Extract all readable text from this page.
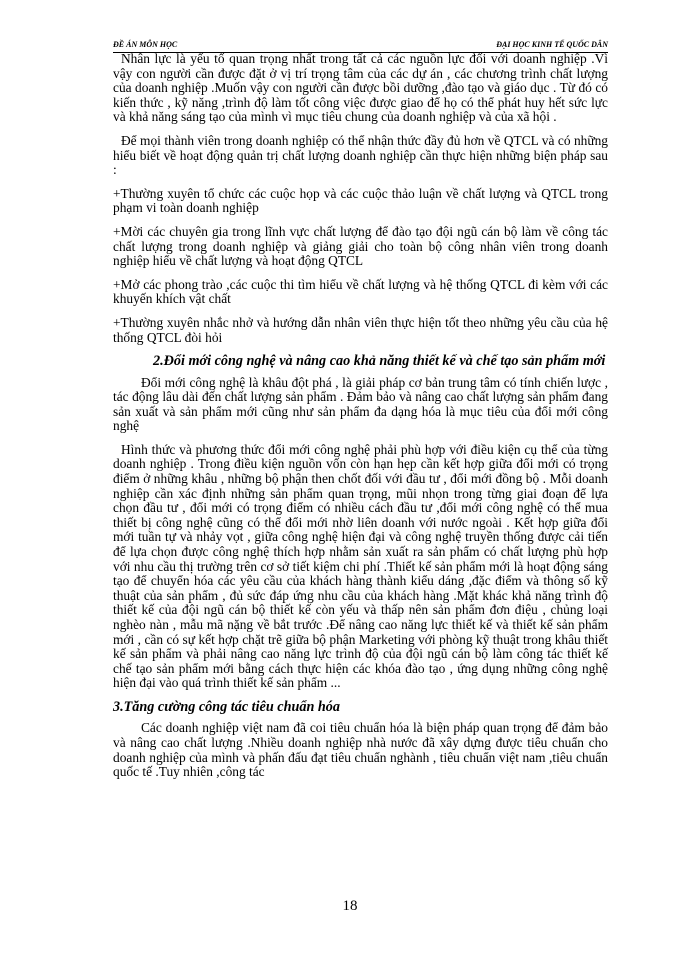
ĐỀ ÁN MÔN HỌC	ĐẠI HỌC KINH TẾ QUỐC DÂN

Nhân lực là yếu tố quan trọng nhất trong tất cả các nguồn lực đối với doanh nghiệp .Vì vậy con người cần được đặt ở vị trí trọng tâm của các dự án , các chương trình chất lượng của doanh nghiệp .Muốn vậy con người cần được bồi dưỡng ,đào tạo và giáo dục . Từ đó có kiến thức , kỹ năng ,trình độ làm tốt công việc được giao để họ có thể phát huy hết sức lực và khả năng sáng tạo của mình vì mục tiêu chung của doanh nghiệp và của xã hội .

Để mọi thành viên trong doanh nghiệp có thể nhận thức đầy đủ hơn về QTCL và có những hiểu biết về hoạt động quản trị chất lượng doanh nghiệp cần thực hiện những biện pháp sau :

+Thường xuyên tổ chức các cuộc họp và các cuộc thảo luận về chất lượng và QTCL trong phạm vi toàn doanh nghiệp

+Mời các chuyên gia trong lĩnh vực chất lượng để đào tạo đội ngũ cán bộ làm về công tác chất lượng trong doanh nghiệp và giảng giải cho toàn bộ công nhân viên trong doanh nghiệp hiểu về chất lượng và hoạt động QTCL

+Mở các phong trào ,các cuộc thi tìm hiểu về chất lượng và hệ thống QTCL đi kèm với các khuyến khích vật chất

+Thường xuyên nhắc nhở và hướng dẫn nhân viên thực hiện tốt theo những yêu cầu của hệ thống QTCL đòi hỏi

2.Đổi mới công nghệ và nâng cao khả năng thiết kế và chế tạo sản phẩm mới

Đổi mới công nghệ là khâu đột phá , là giải pháp cơ bản trung tâm có tính chiến lược , tác động lâu dài đến chất lượng sản phẩm . Đảm bảo và nâng cao chất lượng sản phẩm đang sản xuất và sản phẩm mới cũng như sản phẩm đa dạng hóa là mục tiêu của đổi mới công nghệ

Hình thức và phương thức đổi mới công nghệ phải phù hợp với điều kiện cụ thể của từng doanh nghiệp . Trong điều kiện nguồn vốn còn hạn hẹp cần kết hợp giữa đổi mới có trọng điểm ở những khâu , những bộ phận then chốt đối với đầu tư , đổi mới đồng bộ . Mỗi doanh nghiệp cần xác định những sản phẩm quan trọng, mũi nhọn trong từng giai đoạn để lựa chọn đầu tư , đổi mới có trọng điểm có nhiều cách đầu tư ,đổi mới công nghệ có thể mua thiết bị công nghệ cũng có thể đổi mới nhờ liên doanh với nước ngoài . Kết hợp giữa đổi mới tuần tự và nhảy vọt , giữa công nghệ hiện đại và công nghệ truyền thống được cải tiến để lựa chọn được công nghệ thích hợp nhằm sản xuất ra sản phẩm có chất lượng phù hợp với nhu cầu thị trường trên cơ sở tiết kiệm chi phí .Thiết kế sản phẩm mới là hoạt động sáng tạo để chuyển hóa các yêu cầu của khách hàng thành kiểu dáng ,đặc điểm và thông số kỹ thuật của sản phẩm , đủ sức đáp ứng nhu cầu của khách hàng .Mặt khác khả năng trình độ thiết kế của đội ngũ cán bộ thiết kế còn yếu và thấp nên sản phẩm đơn điệu , chủng loại nghèo nàn , mẫu mã nặng về bắt trước .Để nâng cao năng lực thiết kế và thiết kế sản phẩm mới , cần có sự kết hợp chặt trẽ giữa bộ phận Marketing với phòng kỹ thuật trong khâu thiết kế sản phẩm và phải nâng cao năng lực trình độ của đội ngũ cán bộ làm công tác thiết kế chế tạo sản phẩm mới bằng cách thực hiện các khóa đào tạo , ứng dụng những công nghệ hiện đại vào quá trình thiết kế sản phẩm ...

3.Tăng cường công tác tiêu chuẩn hóa

Các doanh nghiệp việt nam đã coi tiêu chuẩn hóa là biện pháp quan trọng để đảm bảo và nâng cao chất lượng .Nhiều doanh nghiệp nhà nước đã xây dựng được tiêu chuẩn cho doanh nghiệp của mình và phấn đấu đạt tiêu chuẩn nghành , tiêu chuẩn việt nam ,tiêu chuẩn quốc tế .Tuy nhiên ,công tác

18
